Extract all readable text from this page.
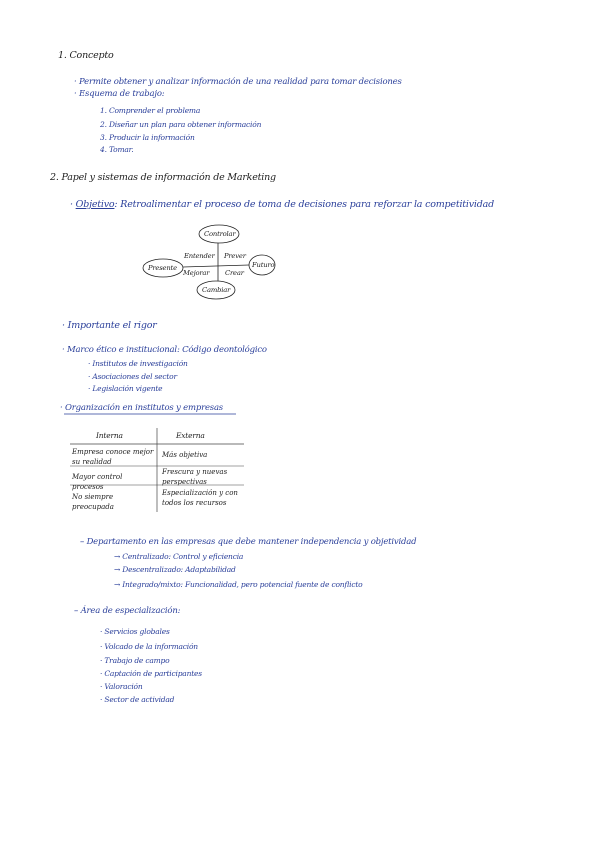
1. Concepto
· Permite obtener y analizar información de una realidad para tomar decisiones
· Esquema de trabajo:
1. Comprender el problema
2. Diseñar un plan para obtener información
3. Producir la información
4. Tomar.
2. Papel y sistemas de información de Marketing
· Objetivo: Retroalimentar el proceso de toma de decisiones para reforzar la competitividad
Controlar
Presente	Futuro
Cambiar
Entender Prever
Mejorar Crear
· Importante el rigor
· Marco ético e institucional: Código deontológico
· Institutos de investigación
· Asociaciones del sector
· Legislación vigente
· Organización en institutos y empresas
Interna	Externa
Empresa conoce mejor su realidad
Más objetiva
Mayor control procesos
Frescura y nuevas perspectivas
No siempre preocupada
Especialización y con todos los recursos
– Departamento en las empresas que debe mantener independencia y objetividad
→ Centralizado: Control y eficiencia
→ Descentralizado: Adaptabilidad
→ Integrado/mixto: Funcionalidad, pero potencial fuente de conflicto
– Área de especialización:
· Servicios globales
· Volcado de la información
· Trabajo de campo
· Captación de participantes
· Valoración
· Sector de actividad
